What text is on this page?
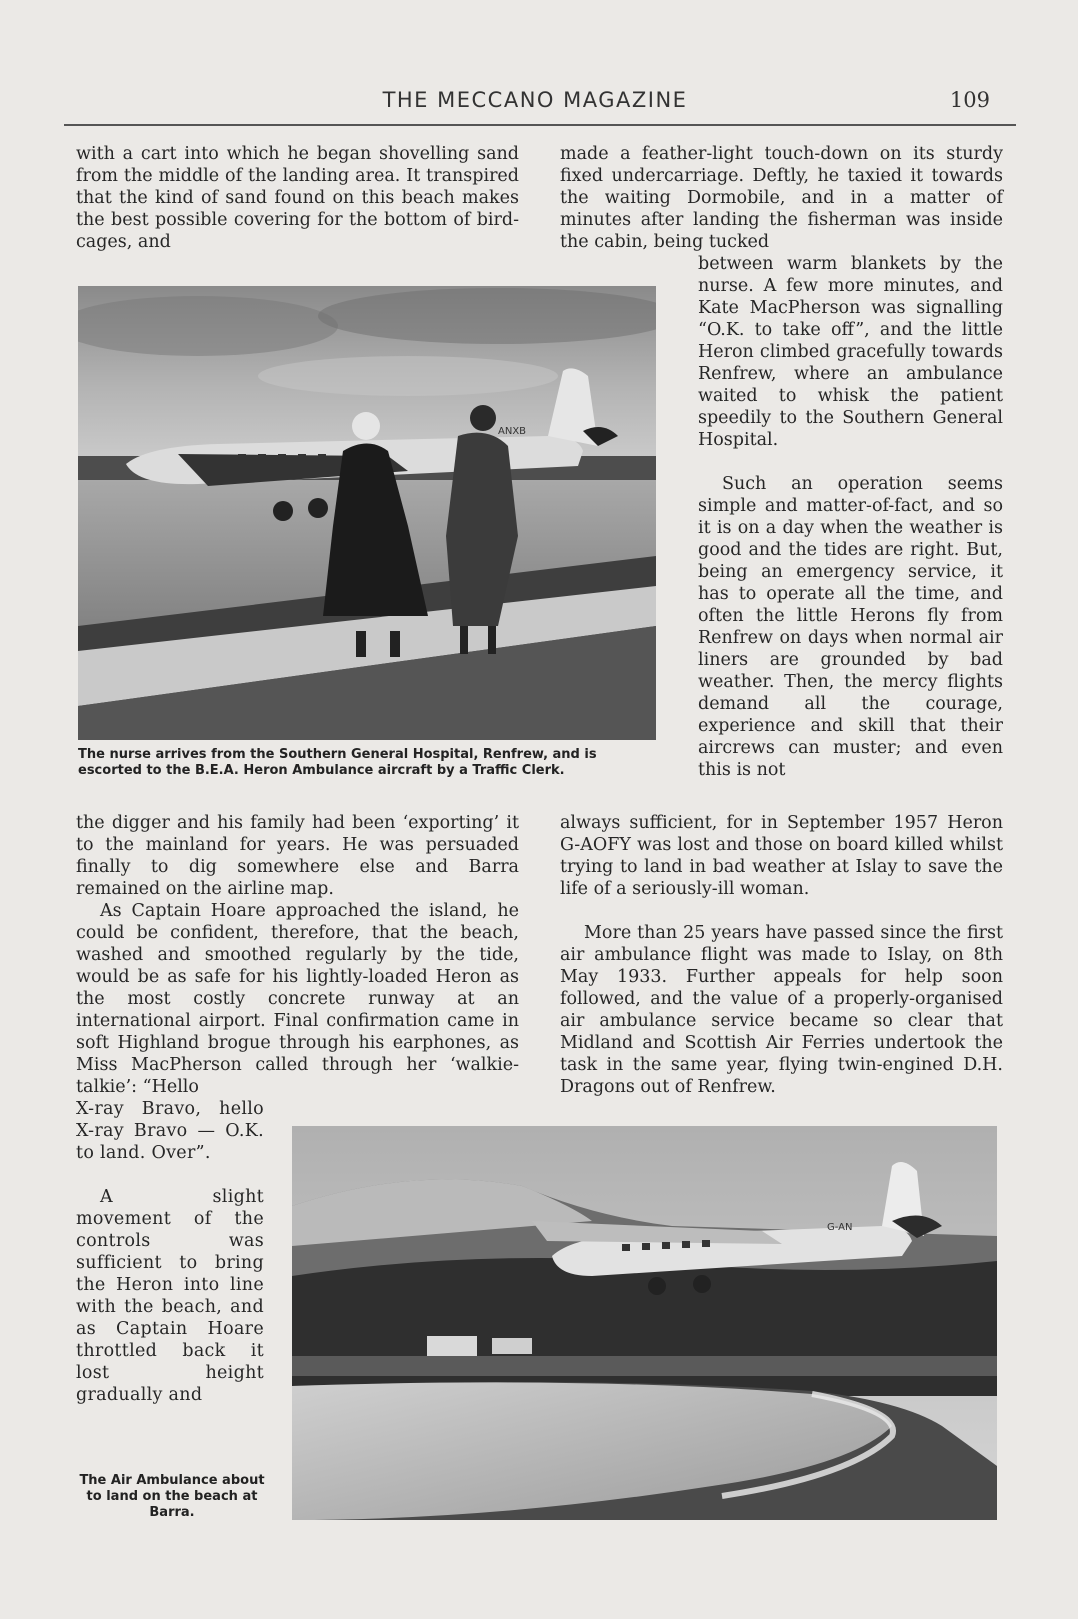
THE MECCANO MAGAZINE	109

with a cart into which he began shovelling sand from the middle of the landing area. It transpired that the kind of sand found on this beach makes the best possible covering for the bottom of bird-cages, and

made a feather-light touch-down on its sturdy fixed undercarriage. Deftly, he taxied it towards the waiting Dormobile, and in a matter of minutes after landing the fisherman was inside the cabin, being tucked

between warm blankets by the nurse. A few more minutes, and Kate MacPherson was signalling “O.K. to take off”, and the little Heron climbed gracefully towards Renfrew, where an ambulance waited to whisk the patient speedily to the Southern General Hospital.

Such an operation seems simple and matter-of-fact, and so it is on a day when the weather is good and the tides are right. But, being an emergency service, it has to operate all the time, and often the little Herons fly from Renfrew on days when normal air liners are grounded by bad weather. Then, the mercy flights demand all the courage, experience and skill that their aircrews can muster; and even this is not

ANXB

The nurse arrives from the Southern General Hospital, Renfrew, and is escorted to the B.E.A. Heron Ambulance aircraft by a Traffic Clerk.

always sufficient, for in September 1957 Heron G-AOFY was lost and those on board killed whilst trying to land in bad weather at Islay to save the life of a seriously-ill woman.

More than 25 years have passed since the first air ambulance flight was made to Islay, on 8th May 1933. Further appeals for help soon followed, and the value of a properly-organised air ambulance service became so clear that Midland and Scottish Air Ferries undertook the task in the same year, flying twin-engined D.H. Dragons out of Renfrew.

the digger and his family had been ‘exporting’ it to the mainland for years. He was persuaded finally to dig somewhere else and Barra remained on the airline map.

As Captain Hoare approached the island, he could be confident, therefore, that the beach, washed and smoothed regularly by the tide, would be as safe for his lightly-loaded Heron as the most costly concrete runway at an international airport. Final confirmation came in soft Highland brogue through his earphones, as Miss MacPherson called through her ‘walkie-talkie’: “Hello

X-ray Bravo, hello X-ray Bravo — O.K. to land. Over”.

A slight movement of the controls was sufficient to bring the Heron into line with the beach, and as Captain Hoare throttled back it lost height gradually and

G-AN

The Air Ambulance about to land on the beach at Barra.
